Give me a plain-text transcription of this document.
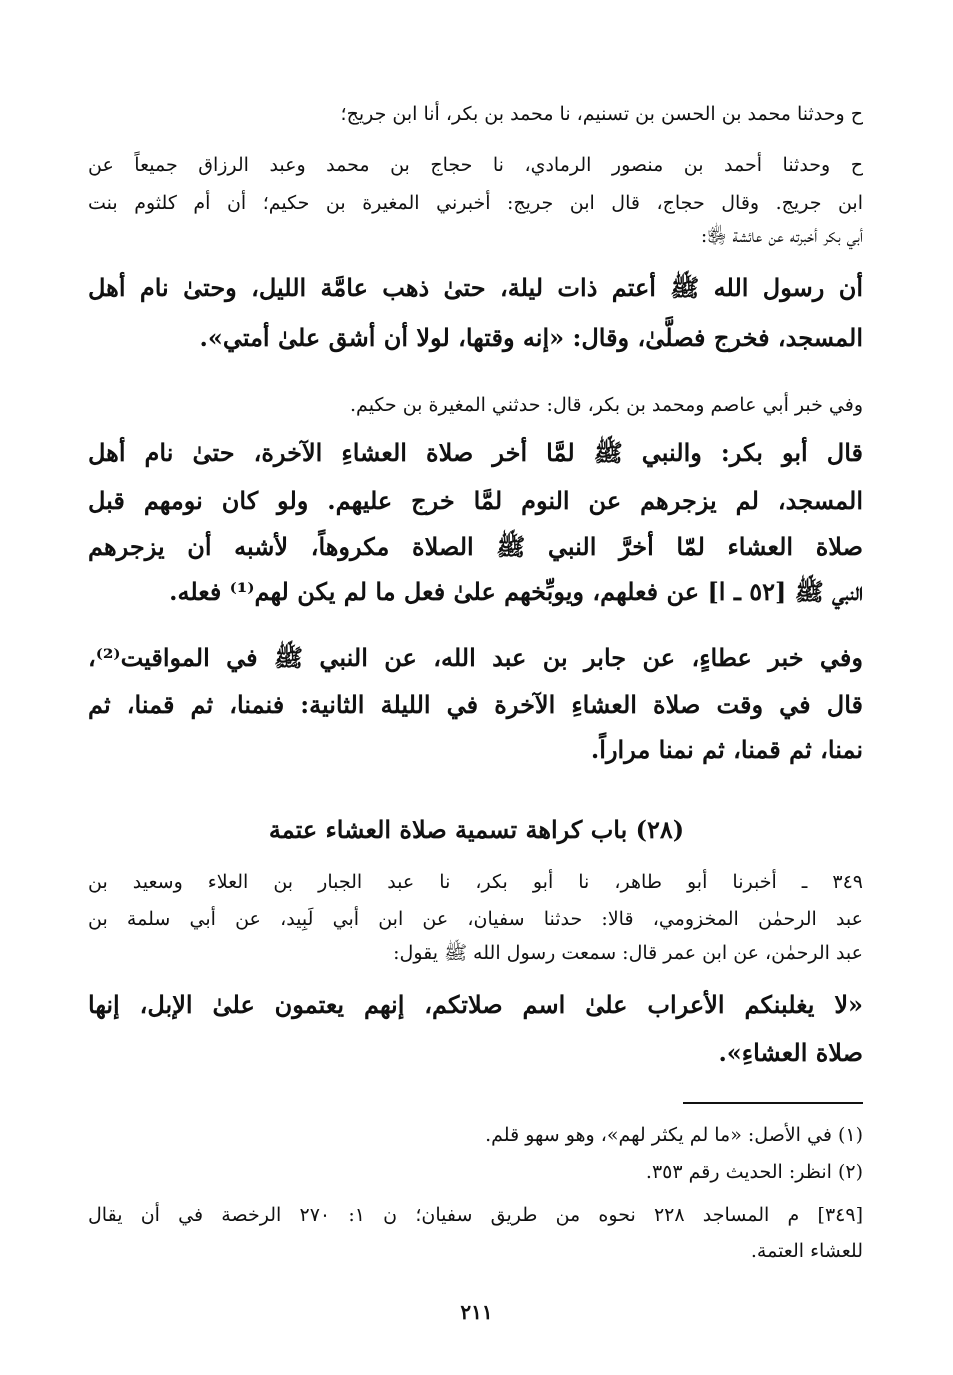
ح وحدثنا محمد بن الحسن بن تسنيم، نا محمد بن بكر، أنا ابن جريج؛
ح وحدثنا أحمد بن منصور الرمادي، نا حجاج بن محمد وعبد الرزاق جميعاً عن
ابن جريج. وقال حجاج، قال ابن جريج: أخبرني المغيرة بن حكيم؛ أن أم كلثوم بنت
أبي بكر أخبرته عن عائشة ﵂:
أن رسول الله ﷺ أعتم ذات ليلة، حتىٰ ذهب عامَّة الليل، وحتىٰ نام أهل
المسجد، فخرج فصلَّىٰ، وقال: «إنه وقتها، لولا أن أشق علىٰ أمتي».
وفي خبر أبي عاصم ومحمد بن بكر، قال: حدثني المغيرة بن حكيم.
قال أبو بكر: والنبي ﷺ لمَّا أخر صلاة العشاءِ الآخرة، حتىٰ نام أهل
المسجد، لم يزجرهم عن النوم لمَّا خرج عليهم. ولو كان نومهم قبل
صلاة العشاء لمّا أخرَّ النبي ﷺ الصلاة مكروهاً، لأشبه أن يزجرهم
النبي ﷺ [٥٢ ـ ا] عن فعلهم، ويوبِّخهم علىٰ فعل ما لم يكن لهم⁽¹⁾ فعله.
وفي خبر عطاءٍ، عن جابر بن عبد الله، عن النبي ﷺ في المواقيت⁽²⁾،
قال في وقت صلاة العشاءِ الآخرة في الليلة الثانية: فنمنا، ثم قمنا، ثم
نمنا، ثم قمنا، ثم نمنا مراراً.
(٢٨) باب كراهة تسمية صلاة العشاء عتمة
٣٤٩ ـ أخبرنا أبو طاهر، نا أبو بكر، نا عبد الجبار بن العلاء وسعيد بن
عبد الرحمٰن المخزومي، قالا: حدثنا سفيان، عن ابن أبي لَبِيد، عن أبي سلمة بن
عبد الرحمٰن، عن ابن عمر قال: سمعت رسول الله ﷺ يقول:
«لا يغلبنكم الأعراب علىٰ اسم صلاتكم، إنهم يعتمون علىٰ الإبل، إنها
صلاة العشاءِ».
(١) في الأصل: «ما لم يكثر لهم»، وهو سهو قلم.
(٢) انظر: الحديث رقم ٣٥٣.
[٣٤٩] م المساجد ٢٢٨ نحوه من طريق سفيان؛ ن ١: ٢٧٠ الرخصة في أن يقال
للعشاء العتمة.
٢١١
